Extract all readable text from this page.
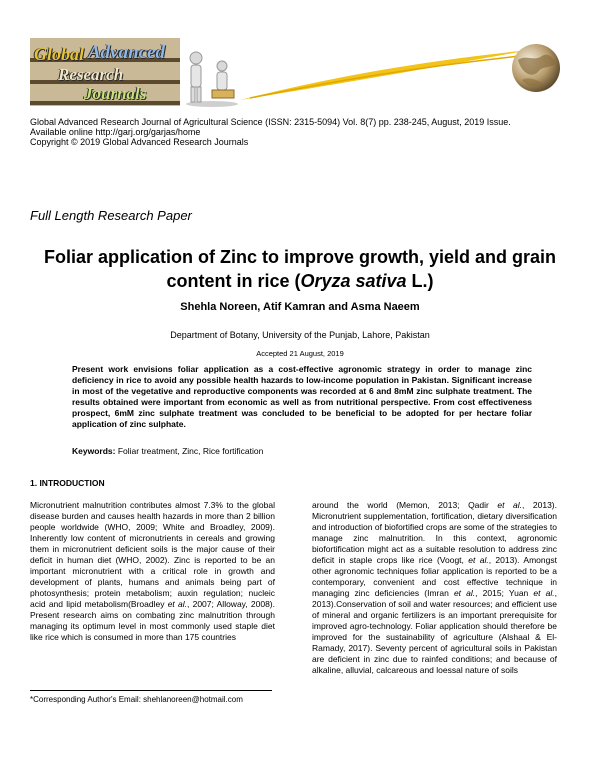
Global Advanced
Research
Journals
Global Advanced Research Journal of Agricultural Science (ISSN: 2315-5094) Vol. 8(7) pp. 238-245, August, 2019 Issue.
Available online http://garj.org/garjas/home
Copyright © 2019 Global Advanced Research Journals
Full Length Research Paper
Foliar application of Zinc to improve growth, yield and grain content in rice (Oryza sativa L.)
Shehla Noreen, Atif Kamran and Asma Naeem
Department of Botany, University of the Punjab, Lahore, Pakistan
Accepted 21 August, 2019
Present work envisions foliar application as a cost-effective agronomic strategy in order to manage zinc deficiency in rice to avoid any possible health hazards to low-income population in Pakistan. Significant increase in most of the vegetative and reproductive components was recorded at 6 and 8mM zinc sulphate treatment. The results obtained were important from economic as well as from nutritional perspective. From cost effectiveness prospect, 6mM zinc sulphate treatment was concluded to be beneficial to be adopted for per hectare foliar application of zinc sulphate.
Keywords: Foliar treatment, Zinc, Rice fortification
1. INTRODUCTION

Micronutrient malnutrition contributes almost 7.3% to the global disease burden and causes health hazards in more than 2 billion people worldwide (WHO, 2009; White and Broadley, 2009). Inherently low content of micronutrients in cereals and growing them in micronutrient deficient soils is the major cause of their deficit in human diet (WHO, 2002). Zinc is reported to be an important micronutrient with a critical role in growth and development of plants, humans and animals being part of photosynthesis; protein metabolism; auxin regulation; nucleic acid and lipid metabolism(Broadley et al., 2007; Alloway, 2008). Present research aims on combating zinc malnutrition through managing its optimum level in most commonly used staple diet like rice which is consumed in more than 175 countries

around the world (Memon, 2013; Qadir et al., 2013). Micronutrient supplementation, fortification, dietary diversification and introduction of biofortified crops are some of the strategies to manage zinc malnutrition. In this context, agronomic biofortification might act as a suitable resolution to address zinc deficit in staple crops like rice (Voogt, et al., 2013). Amongst other agronomic techniques foliar application is reported to be a contemporary, convenient and cost effective technique in managing zinc deficiencies (Imran et al., 2015; Yuan et al., 2013).Conservation of soil and water resources; and efficient use of mineral and organic fertilizers is an important prerequisite for improved agro-technology. Foliar application should therefore be improved for the sustainability of agriculture (Alshaal & El-Ramady, 2017). Seventy percent of agricultural soils in Pakistan are deficient in zinc due to rainfed conditions; and because of alkaline, alluvial, calcareous and loessal nature of soils

*Corresponding Author's Email: shehlanoreen@hotmail.com
